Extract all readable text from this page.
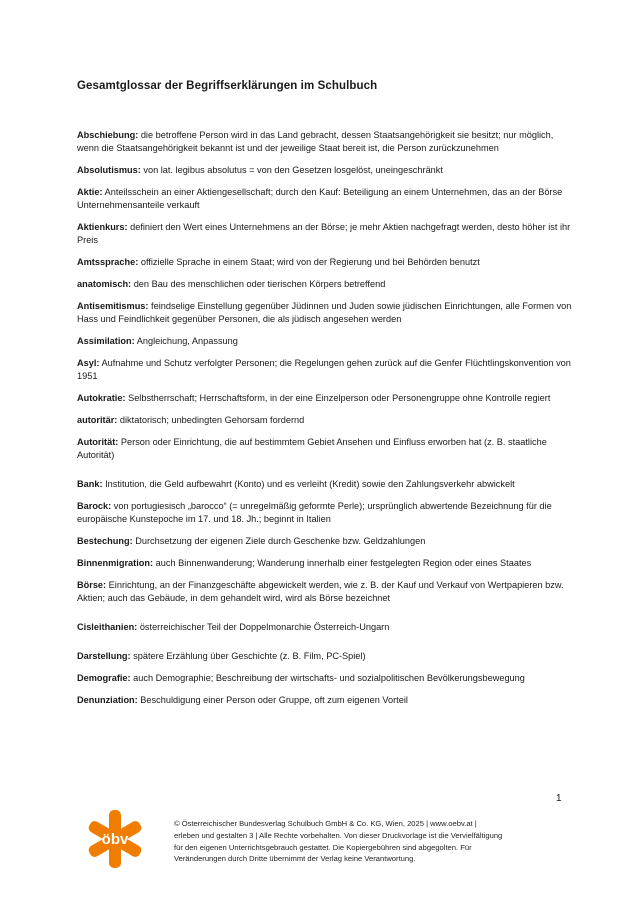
Gesamtglossar der Begriffserklärungen im Schulbuch

Abschiebung: die betroffene Person wird in das Land gebracht, dessen Staatsangehörigkeit sie besitzt; nur möglich, wenn die Staatsangehörigkeit bekannt ist und der jeweilige Staat bereit ist, die Person zurückzunehmen

Absolutismus: von lat. legibus absolutus = von den Gesetzen losgelöst, uneingeschränkt

Aktie: Anteilsschein an einer Aktiengesellschaft; durch den Kauf: Beteiligung an einem Unternehmen, das an der Börse Unternehmensanteile verkauft

Aktienkurs: definiert den Wert eines Unternehmens an der Börse; je mehr Aktien nachgefragt werden, desto höher ist ihr Preis

Amtssprache: offizielle Sprache in einem Staat; wird von der Regierung und bei Behörden benutzt

anatomisch: den Bau des menschlichen oder tierischen Körpers betreffend

Antisemitismus: feindselige Einstellung gegenüber Jüdinnen und Juden sowie jüdischen Einrichtungen, alle Formen von Hass und Feindlichkeit gegenüber Personen, die als jüdisch angesehen werden

Assimilation: Angleichung, Anpassung

Asyl: Aufnahme und Schutz verfolgter Personen; die Regelungen gehen zurück auf die Genfer Flüchtlingskonvention von 1951

Autokratie: Selbstherrschaft; Herrschaftsform, in der eine Einzelperson oder Personengruppe ohne Kontrolle regiert

autoritär: diktatorisch; unbedingten Gehorsam fordernd

Autorität: Person oder Einrichtung, die auf bestimmtem Gebiet Ansehen und Einfluss erworben hat (z. B. staatliche Autorität)

Bank: Institution, die Geld aufbewahrt (Konto) und es verleiht (Kredit) sowie den Zahlungsverkehr abwickelt

Barock: von portugiesisch „barocco“ (= unregelmäßig geformte Perle); ursprünglich abwertende Bezeichnung für die europäische Kunstepoche im 17. und 18. Jh.; beginnt in Italien

Bestechung: Durchsetzung der eigenen Ziele durch Geschenke bzw. Geldzahlungen

Binnenmigration: auch Binnenwanderung; Wanderung innerhalb einer festgelegten Region oder eines Staates

Börse: Einrichtung, an der Finanzgeschäfte abgewickelt werden, wie z. B. der Kauf und Verkauf von Wertpapieren bzw. Aktien; auch das Gebäude, in dem gehandelt wird, wird als Börse bezeichnet

Cisleithanien: österreichischer Teil der Doppelmonarchie Österreich-Ungarn

Darstellung: spätere Erzählung über Geschichte (z. B. Film, PC-Spiel)

Demografie: auch Demographie; Beschreibung der wirtschafts- und sozialpolitischen Bevölkerungsbewegung

Denunziation: Beschuldigung einer Person oder Gruppe, oft zum eigenen Vorteil

1
öbv
© Österreichischer Bundesverlag Schulbuch GmbH & Co. KG, Wien, 2025 | www.oebv.at |
erleben und gestalten 3 | Alle Rechte vorbehalten. Von dieser Druckvorlage ist die Vervielfältigung
für den eigenen Unterrichtsgebrauch gestattet. Die Kopiergebühren sind abgegolten. Für
Veränderungen durch Dritte übernimmt der Verlag keine Verantwortung.
